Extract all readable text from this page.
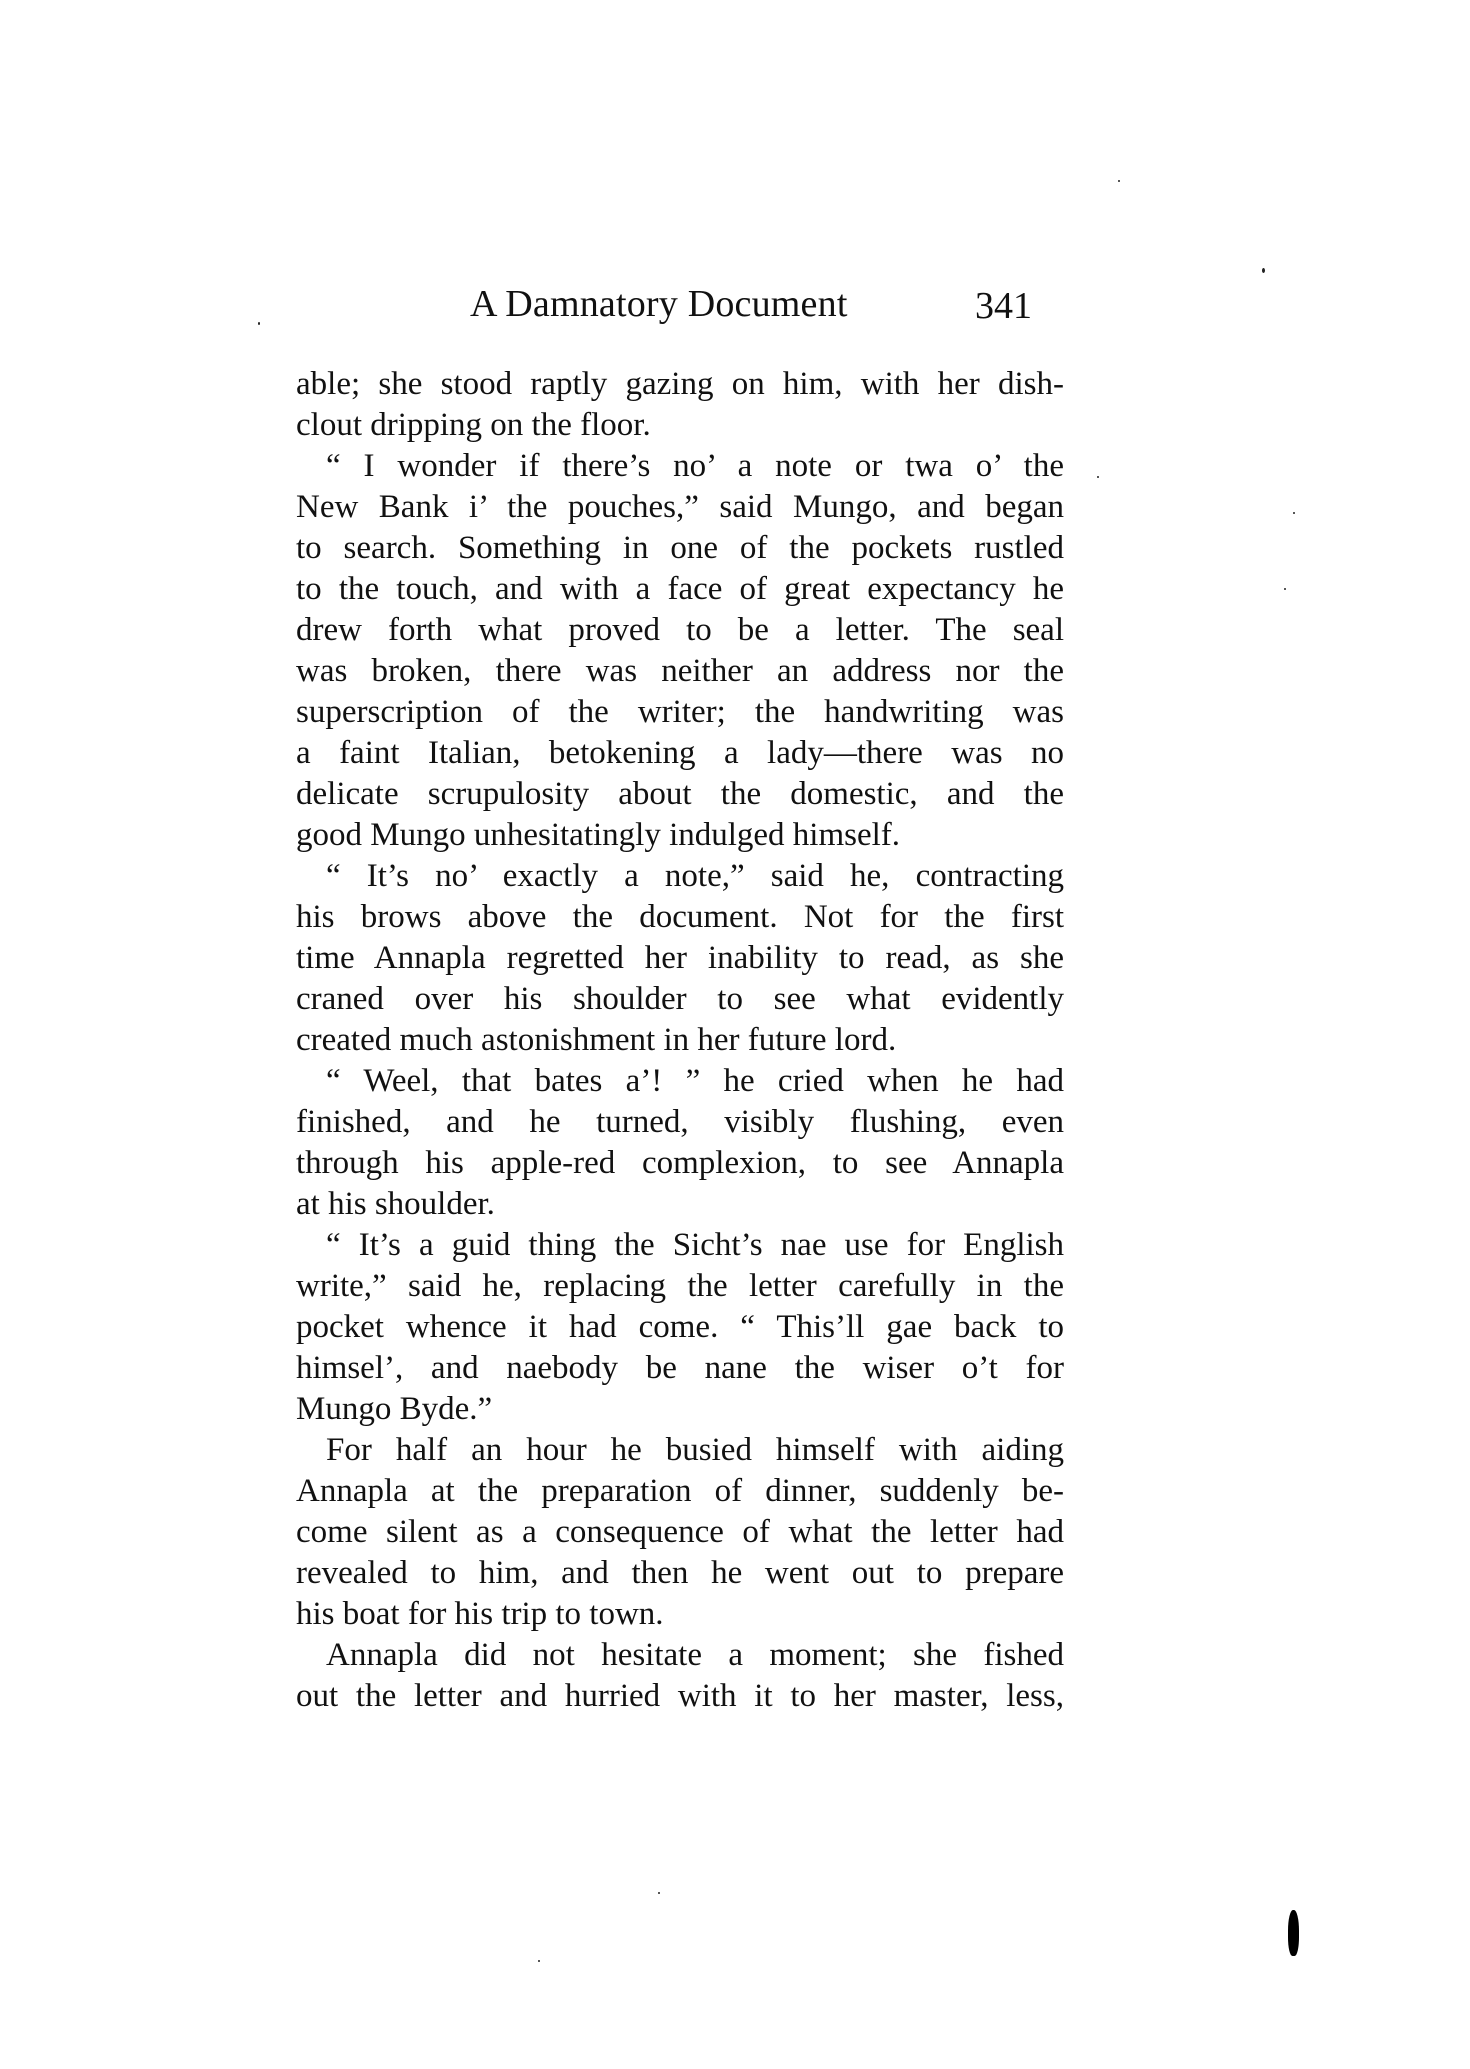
A Damnatory Document	341
able; she stood raptly gazing on him, with her dish-
clout dripping on the floor.
“ I wonder if there’s no’ a note or twa o’ the
New Bank i’ the pouches,” said Mungo, and began
to search. Something in one of the pockets rustled
to the touch, and with a face of great expectancy he
drew forth what proved to be a letter. The seal
was broken, there was neither an address nor the
superscription of the writer; the handwriting was
a faint Italian, betokening a lady—there was no
delicate scrupulosity about the domestic, and the
good Mungo unhesitatingly indulged himself.
“ It’s no’ exactly a note,” said he, contracting
his brows above the document. Not for the first
time Annapla regretted her inability to read, as she
craned over his shoulder to see what evidently
created much astonishment in her future lord.
“ Weel, that bates a’! ” he cried when he had
finished, and he turned, visibly flushing, even
through his apple-red complexion, to see Annapla
at his shoulder.
“ It’s a guid thing the Sicht’s nae use for English
write,” said he, replacing the letter carefully in the
pocket whence it had come. “ This’ll gae back to
himsel’, and naebody be nane the wiser o’t for
Mungo Byde.”
For half an hour he busied himself with aiding
Annapla at the preparation of dinner, suddenly be-
come silent as a consequence of what the letter had
revealed to him, and then he went out to prepare
his boat for his trip to town.
Annapla did not hesitate a moment; she fished
out the letter and hurried with it to her master, less,
